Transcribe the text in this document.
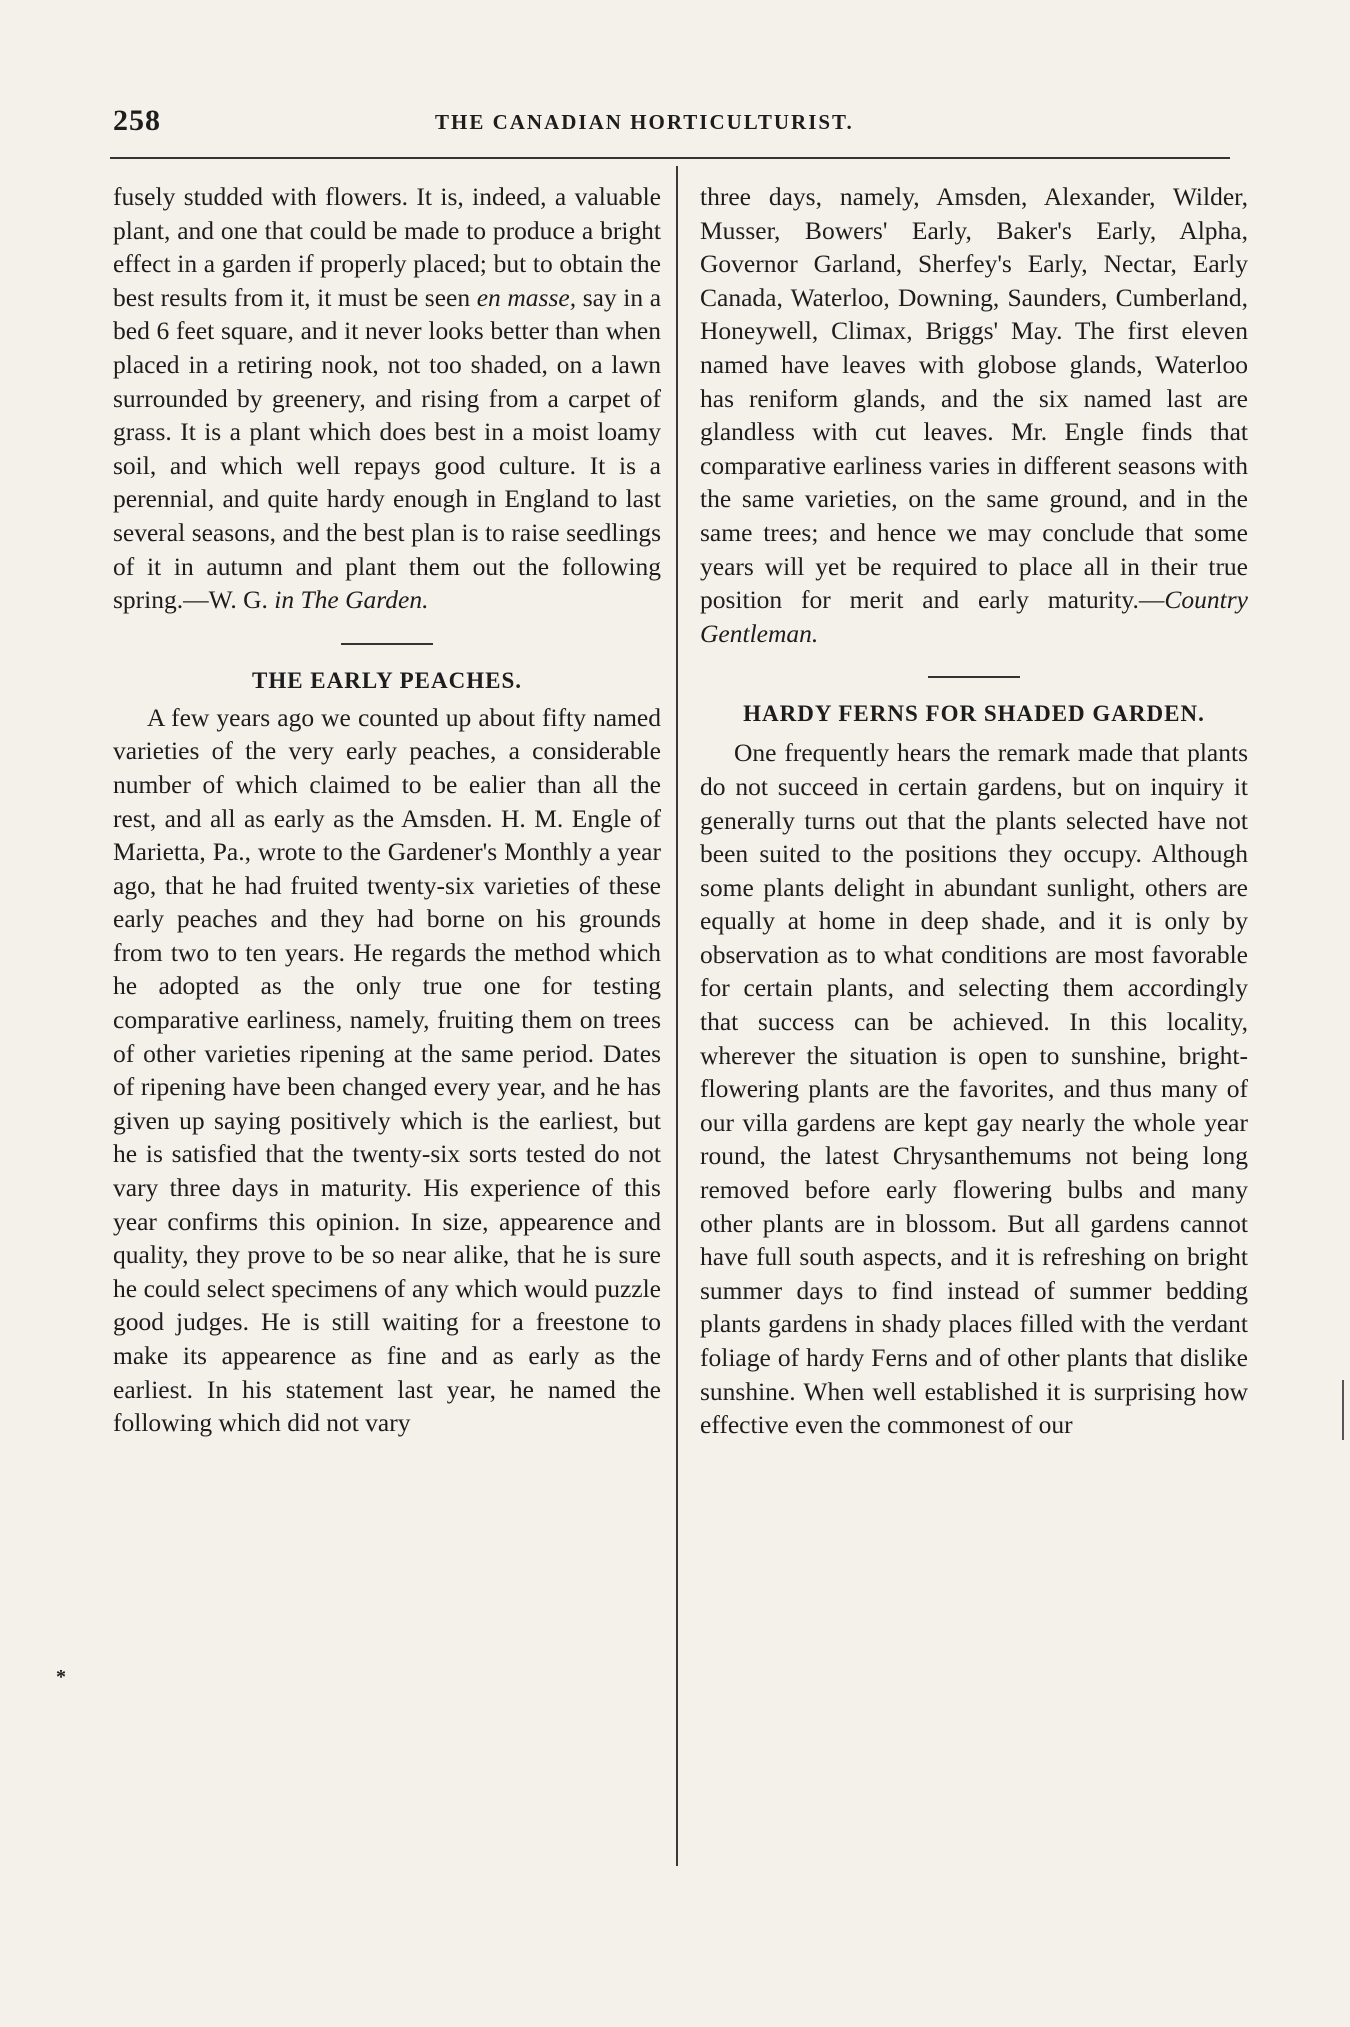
258	THE CANADIAN HORTICULTURIST.

fusely studded with flowers. It is, indeed, a valuable plant, and one that could be made to produce a bright effect in a garden if properly placed; but to obtain the best results from it, it must be seen en masse, say in a bed 6 feet square, and it never looks better than when placed in a retiring nook, not too shaded, on a lawn surrounded by greenery, and rising from a carpet of grass. It is a plant which does best in a moist loamy soil, and which well repays good culture. It is a perennial, and quite hardy enough in England to last several seasons, and the best plan is to raise seedlings of it in autumn and plant them out the following spring.—W. G. in The Garden.

THE EARLY PEACHES.

A few years ago we counted up about fifty named varieties of the very early peaches, a considerable number of which claimed to be ealier than all the rest, and all as early as the Amsden. H. M. Engle of Marietta, Pa., wrote to the Gardener's Monthly a year ago, that he had fruited twenty-six varieties of these early peaches and they had borne on his grounds from two to ten years. He regards the method which he adopted as the only true one for testing comparative earliness, namely, fruiting them on trees of other varieties ripening at the same period. Dates of ripening have been changed every year, and he has given up saying positively which is the earliest, but he is satisfied that the twenty-six sorts tested do not vary three days in maturity. His experience of this year confirms this opinion. In size, appearence and quality, they prove to be so near alike, that he is sure he could select specimens of any which would puzzle good judges. He is still waiting for a freestone to make its appearence as fine and as early as the earliest. In his statement last year, he named the following which did not vary

three days, namely, Amsden, Alexander, Wilder, Musser, Bowers' Early, Baker's Early, Alpha, Governor Garland, Sherfey's Early, Nectar, Early Canada, Waterloo, Downing, Saunders, Cumberland, Honeywell, Climax, Briggs' May. The first eleven named have leaves with globose glands, Waterloo has reniform glands, and the six named last are glandless with cut leaves. Mr. Engle finds that comparative earliness varies in different seasons with the same varieties, on the same ground, and in the same trees; and hence we may conclude that some years will yet be required to place all in their true position for merit and early maturity.—Country Gentleman.

HARDY FERNS FOR SHADED GARDEN.

One frequently hears the remark made that plants do not succeed in certain gardens, but on inquiry it generally turns out that the plants selected have not been suited to the positions they occupy. Although some plants delight in abundant sunlight, others are equally at home in deep shade, and it is only by observation as to what conditions are most favorable for certain plants, and selecting them accordingly that success can be achieved. In this locality, wherever the situation is open to sunshine, bright-flowering plants are the favorites, and thus many of our villa gardens are kept gay nearly the whole year round, the latest Chrysanthemums not being long removed before early flowering bulbs and many other plants are in blossom. But all gardens cannot have full south aspects, and it is refreshing on bright summer days to find instead of summer bedding plants gardens in shady places filled with the verdant foliage of hardy Ferns and of other plants that dislike sunshine. When well established it is surprising how effective even the commonest of our

*
